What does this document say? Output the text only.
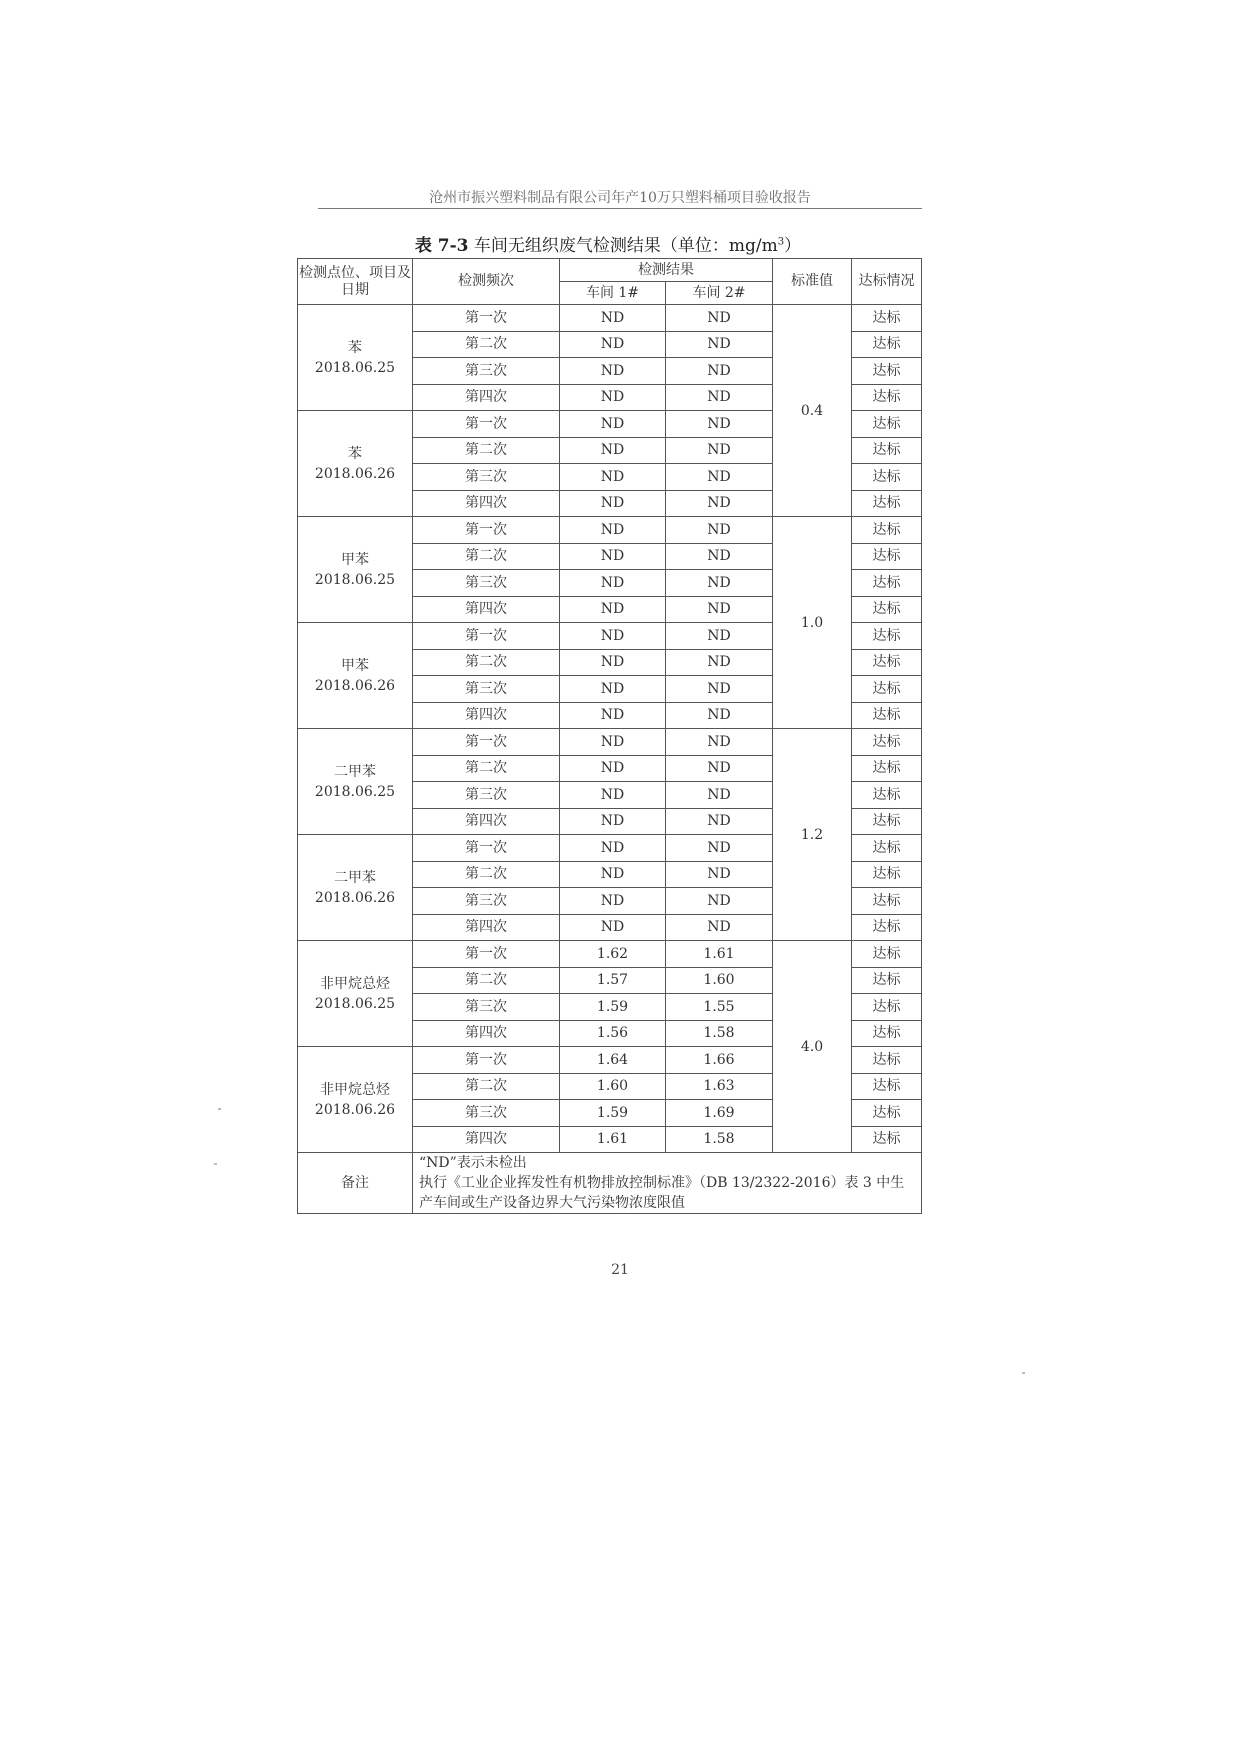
沧州市振兴塑料制品有限公司年产10万只塑料桶项目验收报告
表 7-3 车间无组织废气检测结果（单位：$mg/m^3$）
检测点位、项目及日期	检测频次	检测结果		标准值	达标情况
		车间 1#	车间 2#		
苯
2018.06.25	第一次	ND	ND	0.4	达标
	第二次	ND	ND		达标
	第三次	ND	ND		达标
	第四次	ND	ND		达标
苯
2018.06.26	第一次	ND	ND		达标
	第二次	ND	ND		达标
	第三次	ND	ND		达标
	第四次	ND	ND		达标
甲苯
2018.06.25	第一次	ND	ND	1.0	达标
	第二次	ND	ND		达标
	第三次	ND	ND		达标
	第四次	ND	ND		达标
甲苯
2018.06.26	第一次	ND	ND		达标
	第二次	ND	ND		达标
	第三次	ND	ND		达标
	第四次	ND	ND		达标
二甲苯
2018.06.25	第一次	ND	ND	1.2	达标
	第二次	ND	ND		达标
	第三次	ND	ND		达标
	第四次	ND	ND		达标
二甲苯
2018.06.26	第一次	ND	ND		达标
	第二次	ND	ND		达标
	第三次	ND	ND		达标
	第四次	ND	ND		达标
非甲烷总烃
2018.06.25	第一次	1.62	1.61	4.0	达标
	第二次	1.57	1.60		达标
	第三次	1.59	1.55		达标
	第四次	1.56	1.58		达标
非甲烷总烃
2018.06.26	第一次	1.64	1.66		达标
	第二次	1.60	1.63		达标
	第三次	1.59	1.69		达标
	第四次	1.61	1.58		达标
备注	“ND”表示未检出
执行《工业企业挥发性有机物排放控制标准》（DB 13/2322-2016）表 3 中生产车间或生产设备边界大气污染物浓度限值				
21
